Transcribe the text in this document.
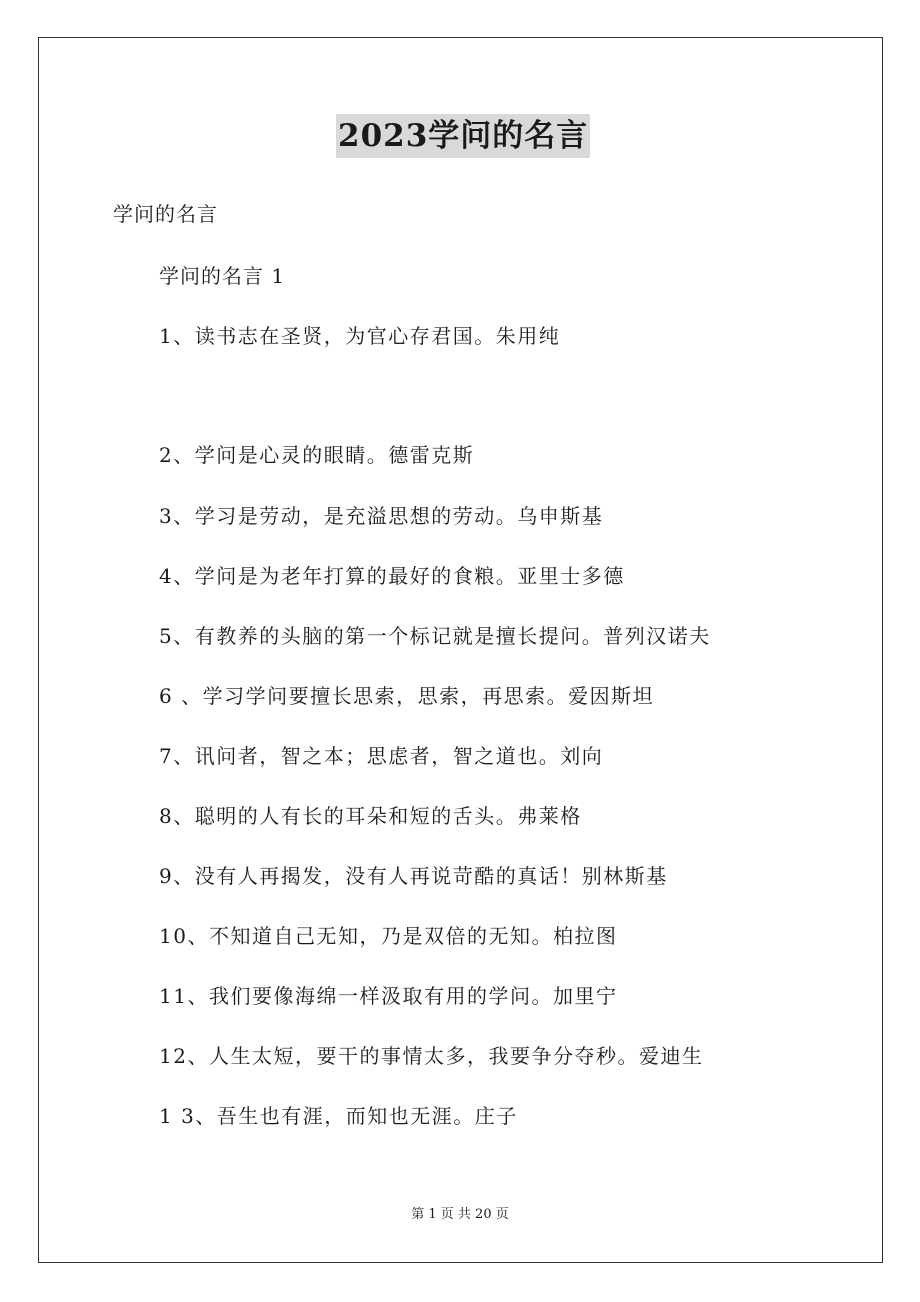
2023学问的名言
学问的名言
学问的名言 1
1、读书志在圣贤，为官心存君国。朱用纯
2、学问是心灵的眼睛。德雷克斯
3、学习是劳动，是充溢思想的劳动。乌申斯基
4、学问是为老年打算的最好的食粮。亚里士多德
5、有教养的头脑的第一个标记就是擅长提问。普列汉诺夫
6 、学习学问要擅长思索，思索，再思索。爱因斯坦
7、讯问者，智之本；思虑者，智之道也。刘向
8、聪明的人有长的耳朵和短的舌头。弗莱格
9、没有人再揭发，没有人再说苛酷的真话！别林斯基
10、不知道自己无知，乃是双倍的无知。柏拉图
11、我们要像海绵一样汲取有用的学问。加里宁
12、人生太短，要干的事情太多，我要争分夺秒。爱迪生
1 3、吾生也有涯，而知也无涯。庄子
第 1 页 共 20 页
